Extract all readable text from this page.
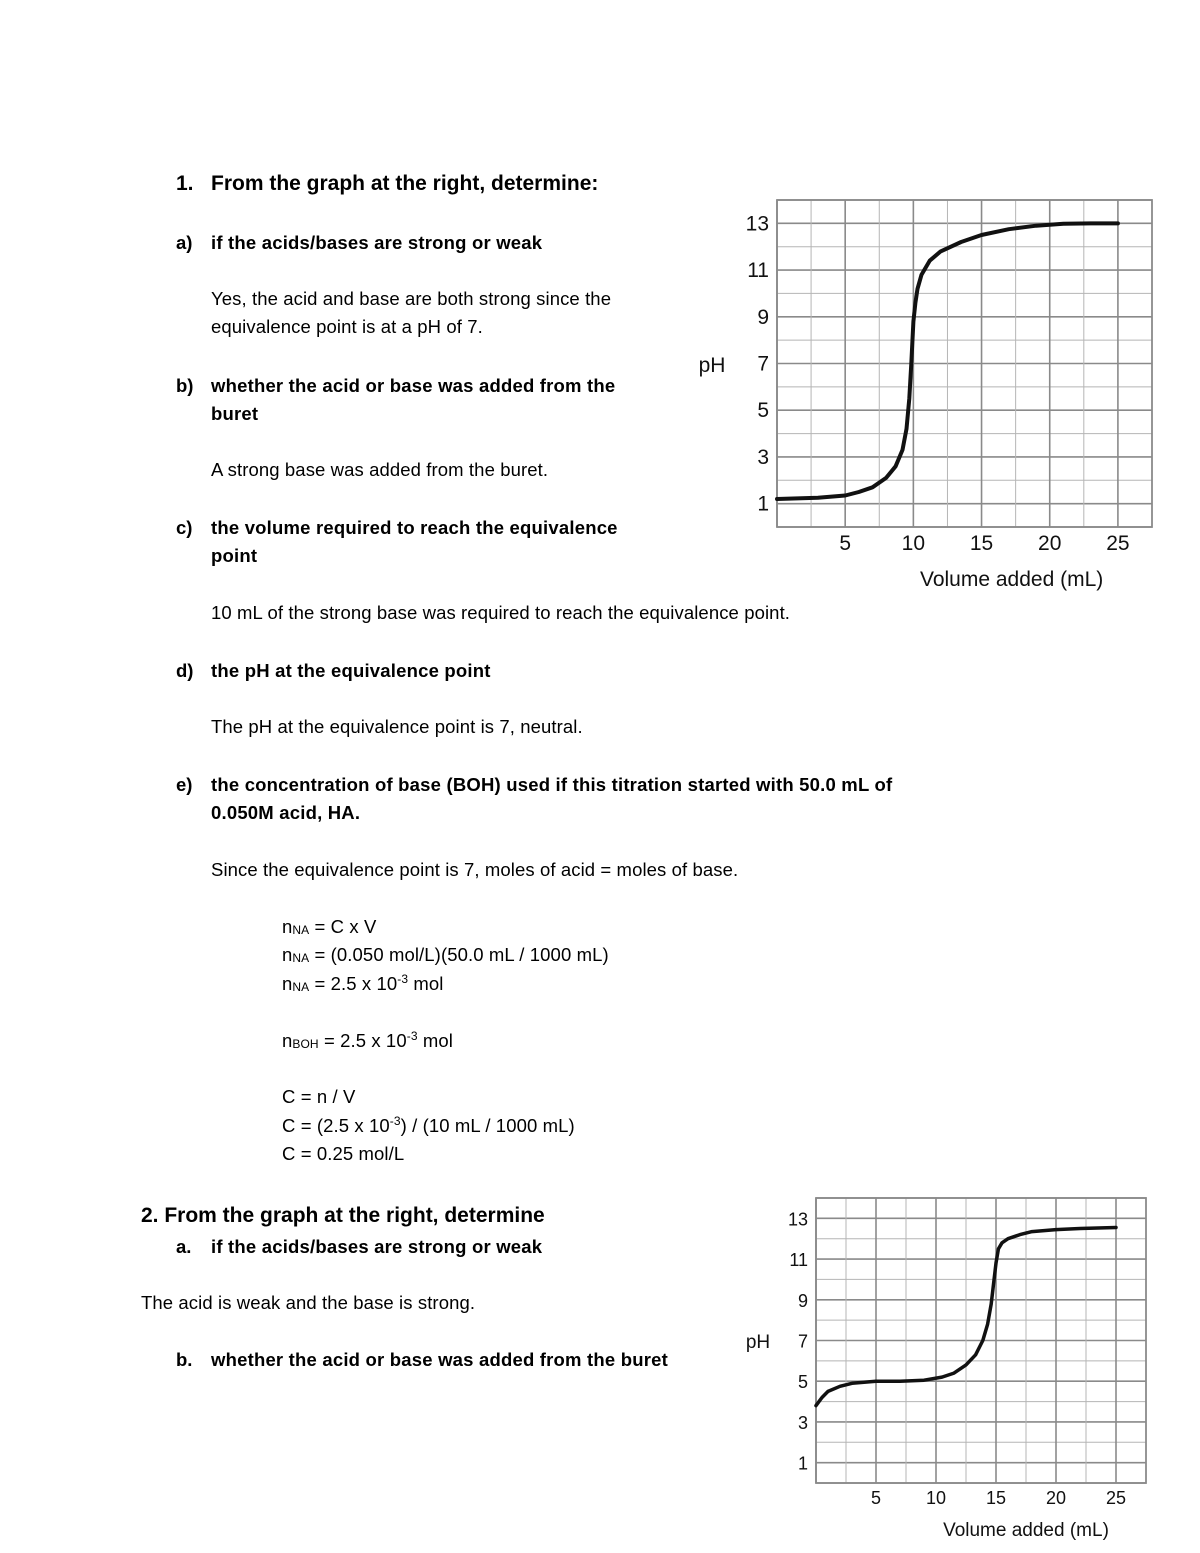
1. From the graph at the right, determine:
a) if the acids/bases are strong or weak
Yes, the acid and base are both strong since the
equivalence point is at a pH of 7.
b) whether the acid or base was added from the
buret
A strong base was added from the buret.
c) the volume required to reach the equivalence
point
10 mL of the strong base was required to reach the equivalence point.
d) the pH at the equivalence point
The pH at the equivalence point is 7, neutral.
e) the concentration of base (BOH) used if this titration started with 50.0 mL of
0.050M acid, HA.
Since the equivalence point is 7, moles of acid = moles of base.
$n_{NA} = C$ x V
$n_{NA} = (0.050$ mol/L)(50.0 mL / 1000 mL)
$n_{NA} = 2.5$ x $10^{-3}$ mol
$n_{BOH} = 2.5$ x $10^{-3}$ mol
C = n / V
C = (2.5 x $10^{-3}) / (10$ mL / 1000 mL)
C = 0.25 mol/L
2. From the graph at the right, determine
a. if the acids/bases are strong or weak
The acid is weak and the base is strong.
b. whether the acid or base was added from the buret
1
3
5
7
9
11
13
5 10 15 20 25
pH
Volume added (mL)
1
3
5
7
9
11
13
5 10 15 20 25
pH
Volume added (mL)
